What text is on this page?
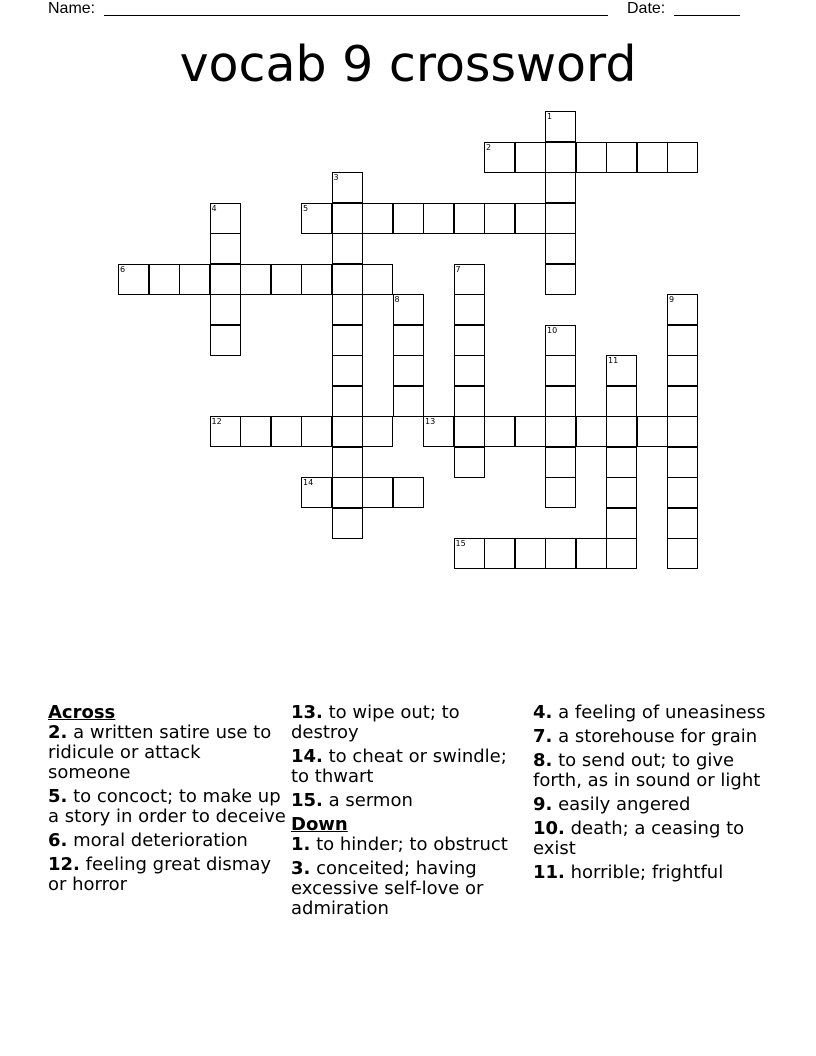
Name:	Date:
vocab 9 crossword
1
2
3
4	5
6	7
8	9
10
11
12	13
14
15

Across

2. a written satire use to ridicule or attack someone

5. to concoct; to make up a story in order to deceive

6. moral deterioration

12. feeling great dismay or horror

13. to wipe out; to destroy

14. to cheat or swindle; to thwart

15. a sermon

Down

1. to hinder; to obstruct

3. conceited; having excessive self-love or admiration

4. a feeling of uneasiness

7. a storehouse for grain

8. to send out; to give forth, as in sound or light

9. easily angered

10. death; a ceasing to exist

11. horrible; frightful
